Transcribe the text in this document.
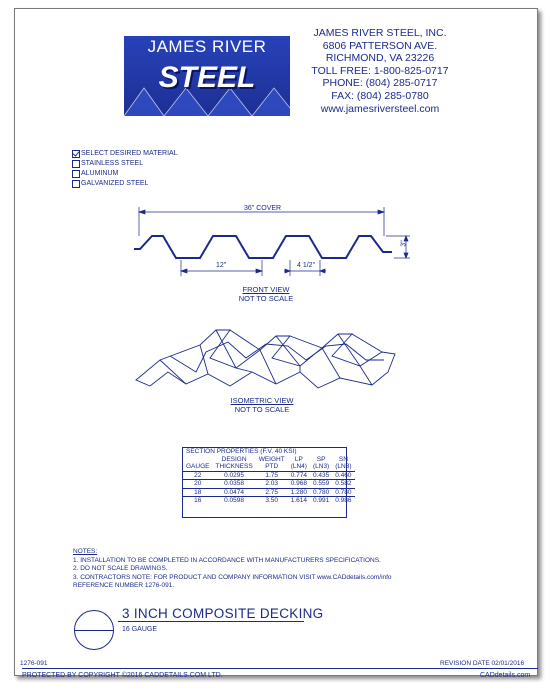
JAMES RIVER
STEEL
JAMES RIVER STEEL, INC.
6806 PATTERSON AVE.
RICHMOND, VA 23226
TOLL FREE: 1-800-825-0717
PHONE: (804) 285-0717
FAX: (804) 285-0780
www.jamesriversteel.com
SELECT DESIRED MATERIAL
STAINLESS STEEL
ALUMINUM
GALVANIZED STEEL
36" COVER
3"
12"	4 1/2"
FRONT VIEW
NOT TO SCALE
ISOMETRIC VIEW
NOT TO SCALE
SECTION PROPERTIES (F.V. 40 KSI)					
	DESIGN	WEIGHT	LP	SP	SN
GAUGE	THICKNESS	PTD	(LN4)	(LN3)	(LN3)
22	0.0295	1.75	0.774	0.435	0.460
20	0.0358	2.03	0.968	0.559	0.582
18	0.0474	2.75	1.280	0.780	0.780
16	0.0598	3.50	1.614	0.991	0.986
NOTES:
1. INSTALLATION TO BE COMPLETED IN ACCORDANCE WITH MANUFACTURERS SPECIFICATIONS.
2. DO NOT SCALE DRAWINGS.
3. CONTRACTORS NOTE: FOR PRODUCT AND COMPANY INFORMATION VISIT www.CADdetails.com/info
REFERENCE NUMBER 1276-091.
3 INCH COMPOSITE DECKING
16 GAUGE
1276-091	REVISION DATE 02/01/2016
PROTECTED BY COPYRIGHT ©2016 CADDETAILS.COM LTD.	CADdetails.com
